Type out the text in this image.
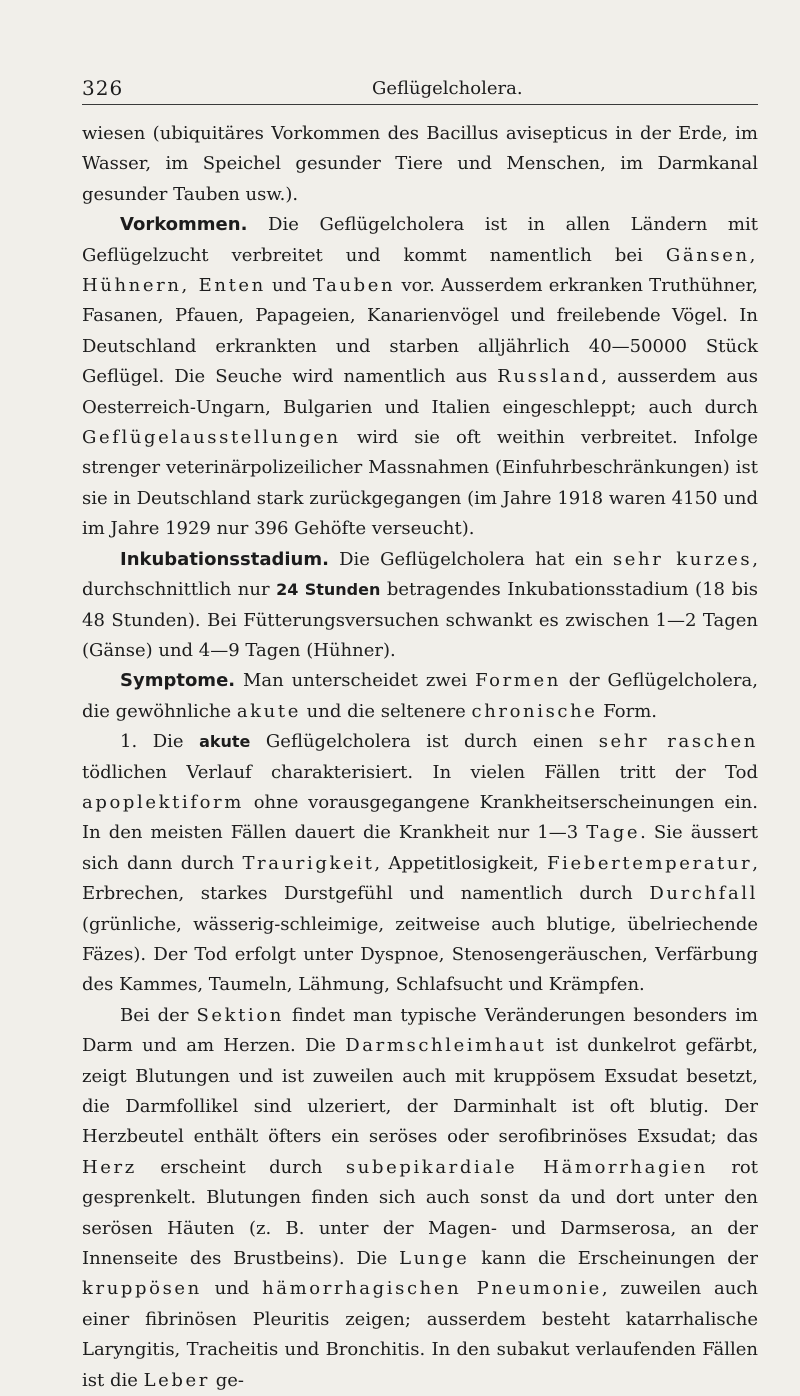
326	Geflügelcholera.

wiesen (ubiquitäres Vorkommen des Bacillus avisepticus in der Erde, im Wasser, im Speichel gesunder Tiere und Menschen, im Darmkanal gesunder Tauben usw.).

Vorkommen. Die Geflügelcholera ist in allen Ländern mit Geflügelzucht verbreitet und kommt namentlich bei Gänsen, Hühnern, Enten und Tauben vor. Ausserdem erkranken Truthühner, Fasanen, Pfauen, Papageien, Kanarienvögel und freilebende Vögel. In Deutschland erkrankten und starben alljährlich 40—50000 Stück Geflügel. Die Seuche wird namentlich aus Russland, ausserdem aus Oesterreich-Ungarn, Bulgarien und Italien eingeschleppt; auch durch Geflügelausstellungen wird sie oft weithin verbreitet. Infolge strenger veterinärpolizeilicher Massnahmen (Einfuhrbeschränkungen) ist sie in Deutschland stark zurückgegangen (im Jahre 1918 waren 4150 und im Jahre 1929 nur 396 Gehöfte verseucht).

Inkubationsstadium. Die Geflügelcholera hat ein sehr kurzes, durchschnittlich nur 24 Stunden betragendes Inkubationsstadium (18 bis 48 Stunden). Bei Fütterungsversuchen schwankt es zwischen 1—2 Tagen (Gänse) und 4—9 Tagen (Hühner).

Symptome. Man unterscheidet zwei Formen der Geflügelcholera, die gewöhnliche akute und die seltenere chronische Form.

1. Die akute Geflügelcholera ist durch einen sehr raschen tödlichen Verlauf charakterisiert. In vielen Fällen tritt der Tod apoplektiform ohne vorausgegangene Krankheitserscheinungen ein. In den meisten Fällen dauert die Krankheit nur 1—3 Tage. Sie äussert sich dann durch Traurigkeit, Appetitlosigkeit, Fiebertemperatur, Erbrechen, starkes Durstgefühl und namentlich durch Durchfall (grünliche, wässerig-schleimige, zeitweise auch blutige, übelriechende Fäzes). Der Tod erfolgt unter Dyspnoe, Stenosengeräuschen, Verfärbung des Kammes, Taumeln, Lähmung, Schlafsucht und Krämpfen.

Bei der Sektion findet man typische Veränderungen besonders im Darm und am Herzen. Die Darmschleimhaut ist dunkelrot gefärbt, zeigt Blutungen und ist zuweilen auch mit kruppösem Exsudat besetzt, die Darmfollikel sind ulzeriert, der Darminhalt ist oft blutig. Der Herzbeutel enthält öfters ein seröses oder serofibrinöses Exsudat; das Herz erscheint durch subepikardiale Hämorrhagien rot gesprenkelt. Blutungen finden sich auch sonst da und dort unter den serösen Häuten (z. B. unter der Magen- und Darmserosa, an der Innenseite des Brustbeins). Die Lunge kann die Erscheinungen der kruppösen und hämorrhagischen Pneumonie, zuweilen auch einer fibrinösen Pleuritis zeigen; ausserdem besteht katarrhalische Laryngitis, Tracheitis und Bronchitis. In den subakut verlaufenden Fällen ist die Leber ge-
